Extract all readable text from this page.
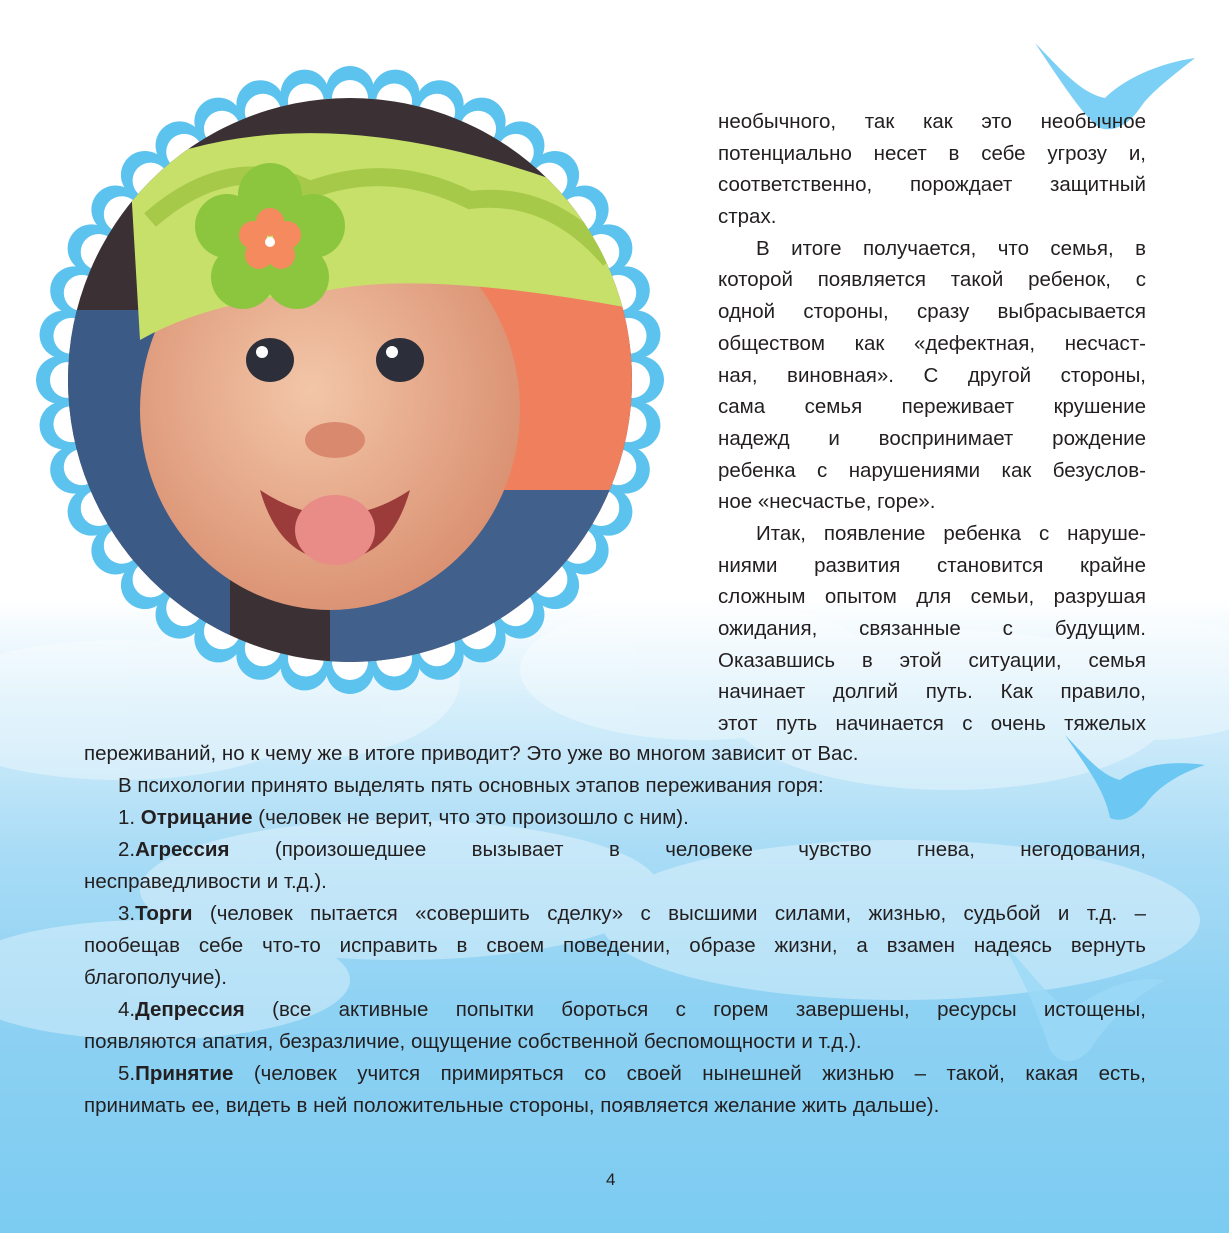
необычного, так как это необычное
потенциально несет в себе угрозу и,
соответственно, порождает защитный
страх.
В итоге получается, что семья, в
которой появляется такой ребенок, с
одной стороны, сразу выбрасывается
обществом как «дефектная, несчаст-
ная, виновная». С другой стороны,
сама семья переживает крушение
надежд и воспринимает рождение
ребенка с нарушениями как безуслов-
ное «несчастье, горе».
Итак, появление ребенка с наруше-
ниями развития становится крайне
сложным опытом для семьи, разрушая
ожидания, связанные с будущим.
Оказавшись в этой ситуации, семья
начинает долгий путь. Как правило,
этот путь начинается с очень тяжелых
переживаний, но к чему же в итоге приводит? Это уже во многом зависит от Вас.
В психологии принято выделять пять основных этапов переживания горя:
1. Отрицание (человек не верит, что это произошло с ним).
2.Агрессия (произошедшее вызывает в человеке чувство гнева, негодования,
несправедливости и т.д.).
3.Торги (человек пытается «совершить сделку» с высшими силами, жизнью, судьбой и т.д. –
пообещав себе что-то исправить в своем поведении, образе жизни, а взамен надеясь вернуть
благополучие).
4.Депрессия (все активные попытки бороться с горем завершены, ресурсы истощены,
появляются апатия, безразличие, ощущение собственной беспомощности и т.д.).
5.Принятие (человек учится примиряться со своей нынешней жизнью – такой, какая есть,
принимать ее, видеть в ней положительные стороны, появляется желание жить дальше).
4
